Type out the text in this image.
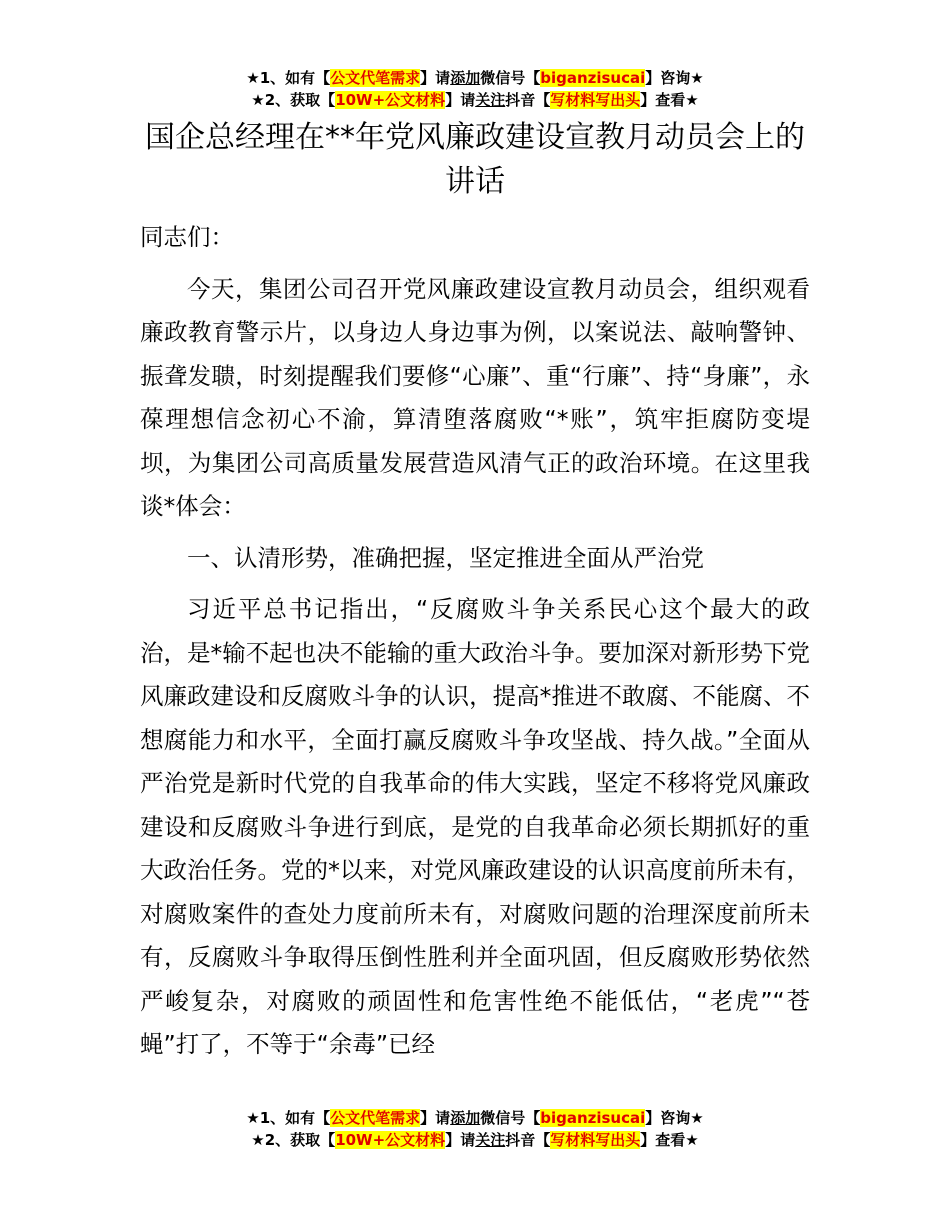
★1、如有【公文代笔需求】请添加微信号【biganzisucai】咨询★
★2、获取【10W+公文材料】请关注抖音【写材料写出头】查看★
国企总经理在**年党风廉政建设宣教月动员会上的讲话

同志们：

今天，集团公司召开党风廉政建设宣教月动员会，组织观看廉政教育警示片，以身边人身边事为例，以案说法、敲响警钟、振聋发聩，时刻提醒我们要修“心廉”、重“行廉”、持“身廉”，永葆理想信念初心不渝，算清堕落腐败“*账”，筑牢拒腐防变堤坝，为集团公司高质量发展营造风清气正的政治环境。在这里我谈*体会：

一、认清形势，准确把握，坚定推进全面从严治党

习近平总书记指出，“反腐败斗争关系民心这个最大的政治，是*输不起也决不能输的重大政治斗争。要加深对新形势下党风廉政建设和反腐败斗争的认识，提高*推进不敢腐、不能腐、不想腐能力和水平，全面打赢反腐败斗争攻坚战、持久战。”全面从严治党是新时代党的自我革命的伟大实践，坚定不移将党风廉政建设和反腐败斗争进行到底，是党的自我革命必须长期抓好的重大政治任务。党的*以来，对党风廉政建设的认识高度前所未有，对腐败案件的查处力度前所未有，对腐败问题的治理深度前所未有，反腐败斗争取得压倒性胜利并全面巩固，但反腐败形势依然严峻复杂，对腐败的顽固性和危害性绝不能低估，“老虎”“苍蝇”打了，不等于“余毒”已经

★1、如有【公文代笔需求】请添加微信号【biganzisucai】咨询★
★2、获取【10W+公文材料】请关注抖音【写材料写出头】查看★
